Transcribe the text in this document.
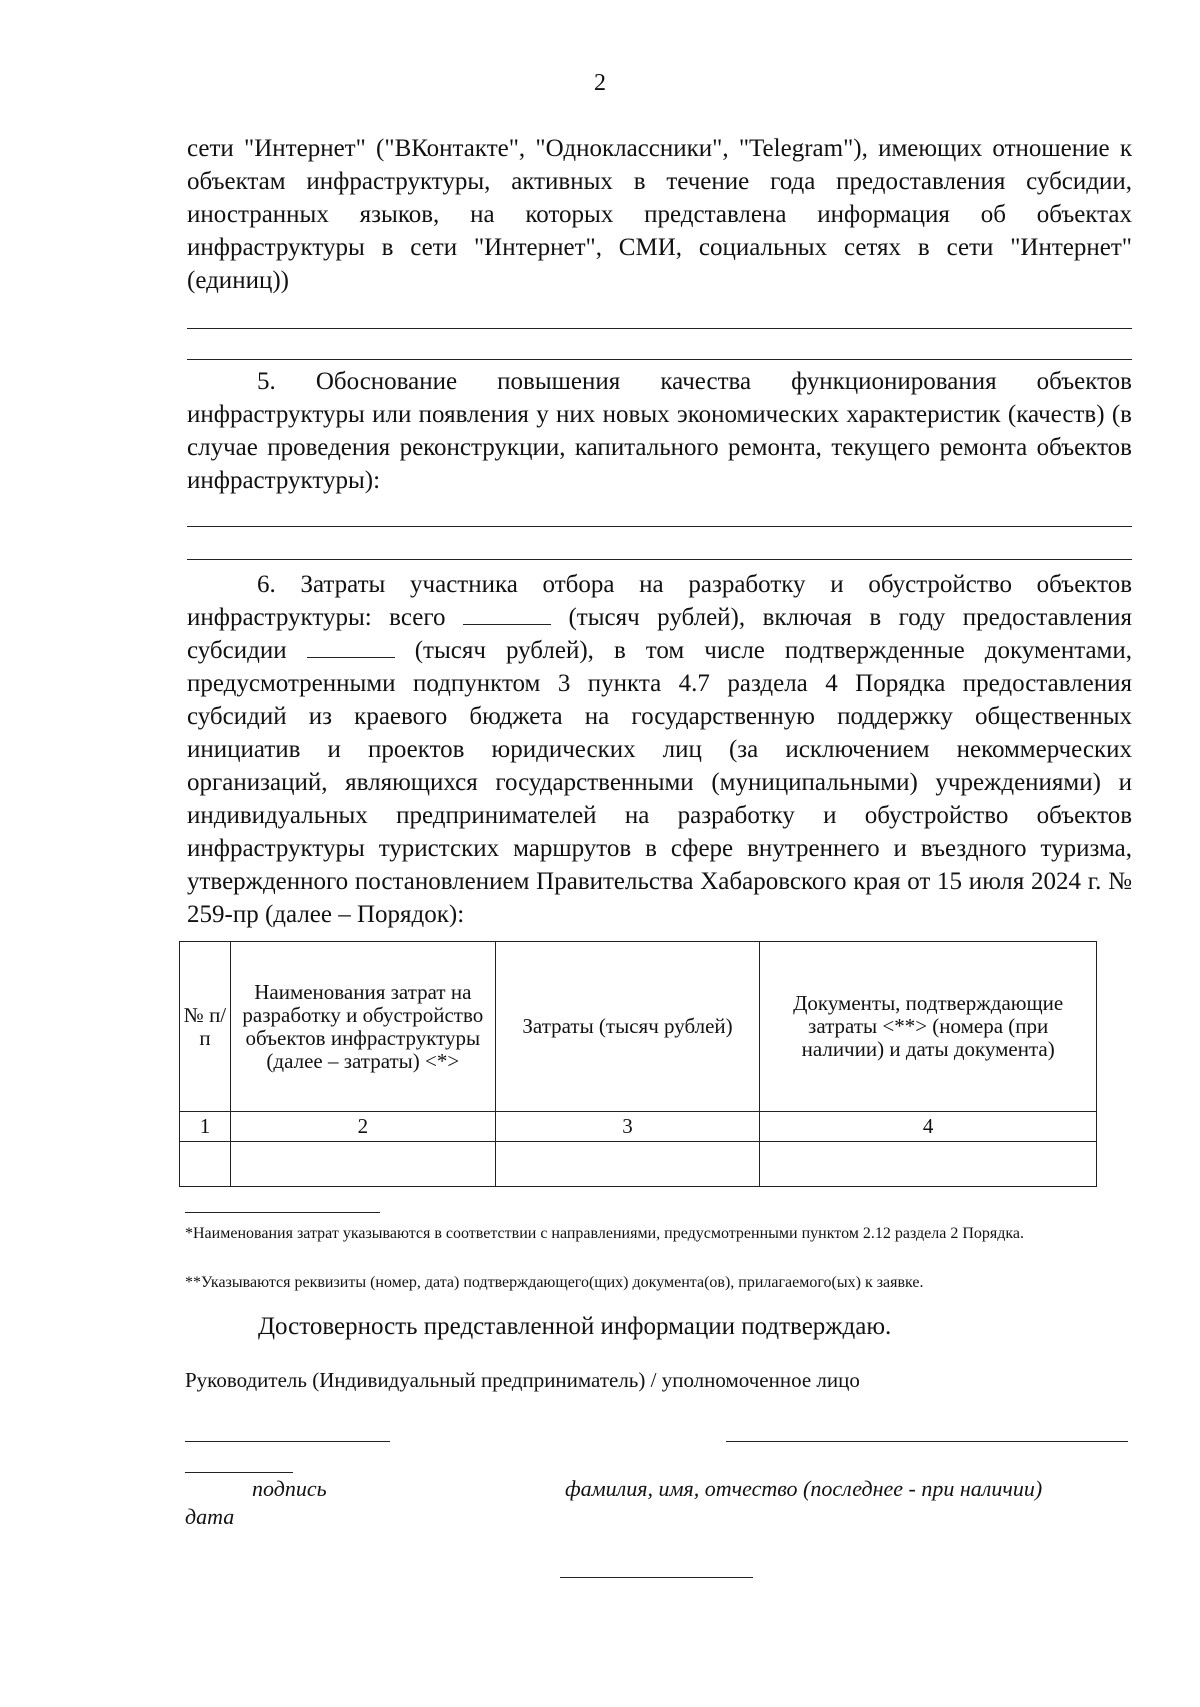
2

сети "Интернет" ("ВКонтакте", "Одноклассники", "Telegram"), имеющих отношение к объектам инфраструктуры, активных в течение года предоставления субсидии, иностранных языков, на которых представлена информация об объектах инфраструктуры в сети "Интернет", СМИ, социальных сетях в сети "Интернет" (единиц))

5. Обоснование повышения качества функционирования объектов инфраструктуры или появления у них новых экономических характеристик (качеств) (в случае проведения реконструкции, капитального ремонта, текущего ремонта объектов инфраструктуры):

6. Затраты участника отбора на разработку и обустройство объектов инфраструктуры: всего	(тысяч рублей), включая в году предоставления субсидии	(тысяч рублей), в том числе подтвержденные документами, предусмотренными подпунктом 3 пункта 4.7 раздела 4 Порядка предоставления субсидий из краевого бюджета на государственную поддержку общественных инициатив и проектов юридических лиц (за исключением некоммерческих организаций, являющихся государственными (муниципальными) учреждениями) и индивидуальных предпринимателей на разработку и обустройство объектов инфраструктуры туристских маршрутов в сфере внутреннего и въездного туризма, утвержденного постановлением Правительства Хабаровского края от 15 июля 2024 г. № 259-пр (далее – Порядок):

№ п/п	Наименования затрат на разработку и обустройство объектов инфраструктуры (далее – затраты) <*>	Затраты (тысяч рублей)	Документы, подтверждающие затраты <**> (номера (при наличии) и даты документа)
1	2	3	4

*Наименования затрат указываются в соответствии с направлениями, предусмотренными пунктом 2.12 раздела 2 Порядка.

**Указываются реквизиты (номер, дата) подтверждающего(щих) документа(ов), прилагаемого(ых) к заявке.

Достоверность представленной информации подтверждаю.
Руководитель (Индивидуальный предприниматель) / уполномоченное лицо
подпись	фамилия, имя, отчество (последнее - при наличии)
дата
